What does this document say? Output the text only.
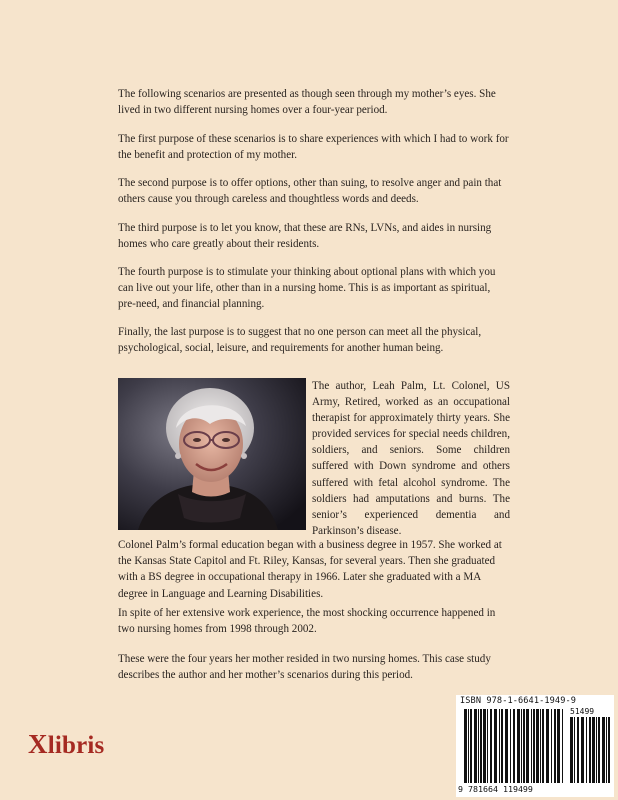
The following scenarios are presented as though seen through my mother’s eyes. She lived in two different nursing homes over a four-year period.

The first purpose of these scenarios is to share experiences with which I had to work for the benefit and protection of my mother.

The second purpose is to offer options, other than suing, to resolve anger and pain that others cause you through careless and thoughtless words and deeds.

The third purpose is to let you know, that these are RNs, LVNs, and aides in nursing homes who care greatly about their residents.

The fourth purpose is to stimulate your thinking about optional plans with which you can live out your life, other than in a nursing home. This is as important as spiritual, pre-need, and financial planning.

Finally, the last purpose is to suggest that no one person can meet all the physical, psychological, social, leisure, and requirements for another human being.

The author, Leah Palm, Lt. Colonel, US Army, Retired, worked as an occupational therapist for approximately thirty years. She provided services for special needs children, soldiers, and seniors. Some children suffered with Down syndrome and others suffered with fetal alcohol syndrome. The soldiers had amputations and burns. The senior’s experienced dementia and Parkinson’s disease.

Colonel Palm’s formal education began with a business degree in 1957. She worked at the Kansas State Capitol and Ft. Riley, Kansas, for several years. Then she graduated with a BS degree in occupational therapy in 1966. Later she graduated with a MA degree in Language and Learning Disabilities.

In spite of her extensive work experience, the most shocking occurrence happened in two nursing homes from 1998 through 2002.

These were the four years her mother resided in two nursing homes. This case study describes the author and her mother’s scenarios during this period.

Xlibris
ISBN 978-1-6641-1949-9
51499
9 781664 119499
